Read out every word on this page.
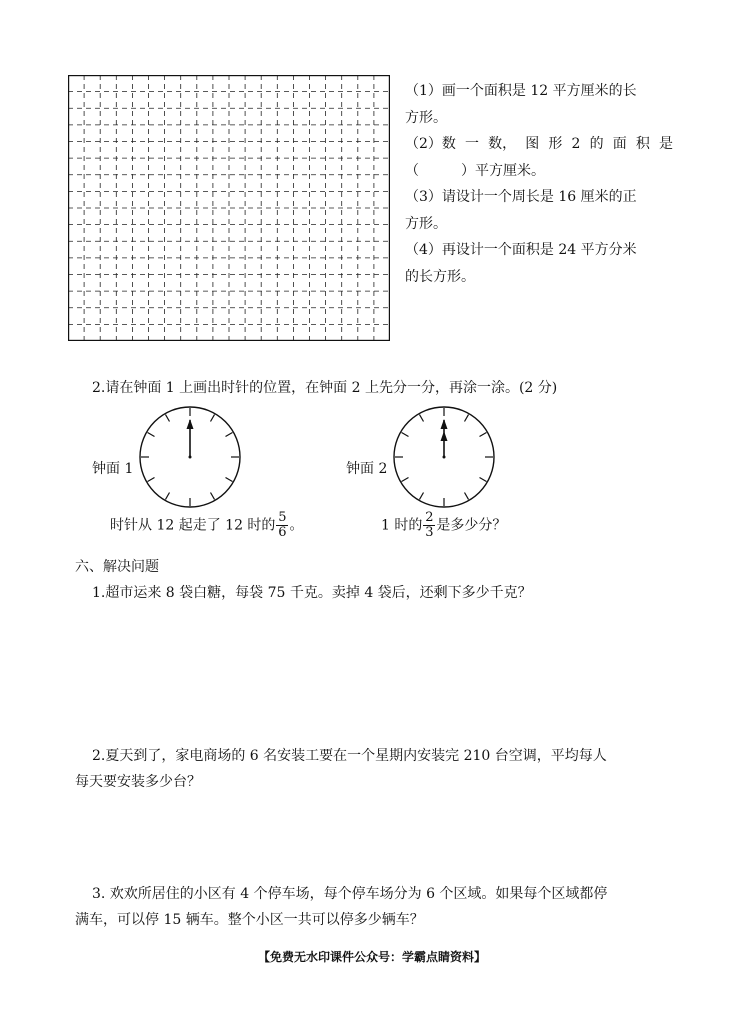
（1）画一个面积是 12 平方厘米的长
方形。
（2）数 一 数， 图 形 2 的 面 积 是
（　　　）平方厘米。
（3）请设计一个周长是 16 厘米的正
方形。
（4）再设计一个面积是 24 平方分米
的长方形。
2.请在钟面 1 上画出时针的位置，在钟面 2 上先分一分，再涂一涂。(2 分)
钟面 1	钟面 2
时针从 12 起走了 12 时的 $\frac{5}{6}$ 。	1 时的 $\frac{2}{3}$ 是多少分？
六、解决问题
1.超市运来 8 袋白糖，每袋 75 千克。卖掉 4 袋后，还剩下多少千克？
2.夏天到了，家电商场的 6 名安装工要在一个星期内安装完 210 台空调，平均每人
每天要安装多少台？
3. 欢欢所居住的小区有 4 个停车场，每个停车场分为 6 个区域。如果每个区域都停
满车，可以停 15 辆车。整个小区一共可以停多少辆车？
【免费无水印课件公众号：学霸点睛资料】
